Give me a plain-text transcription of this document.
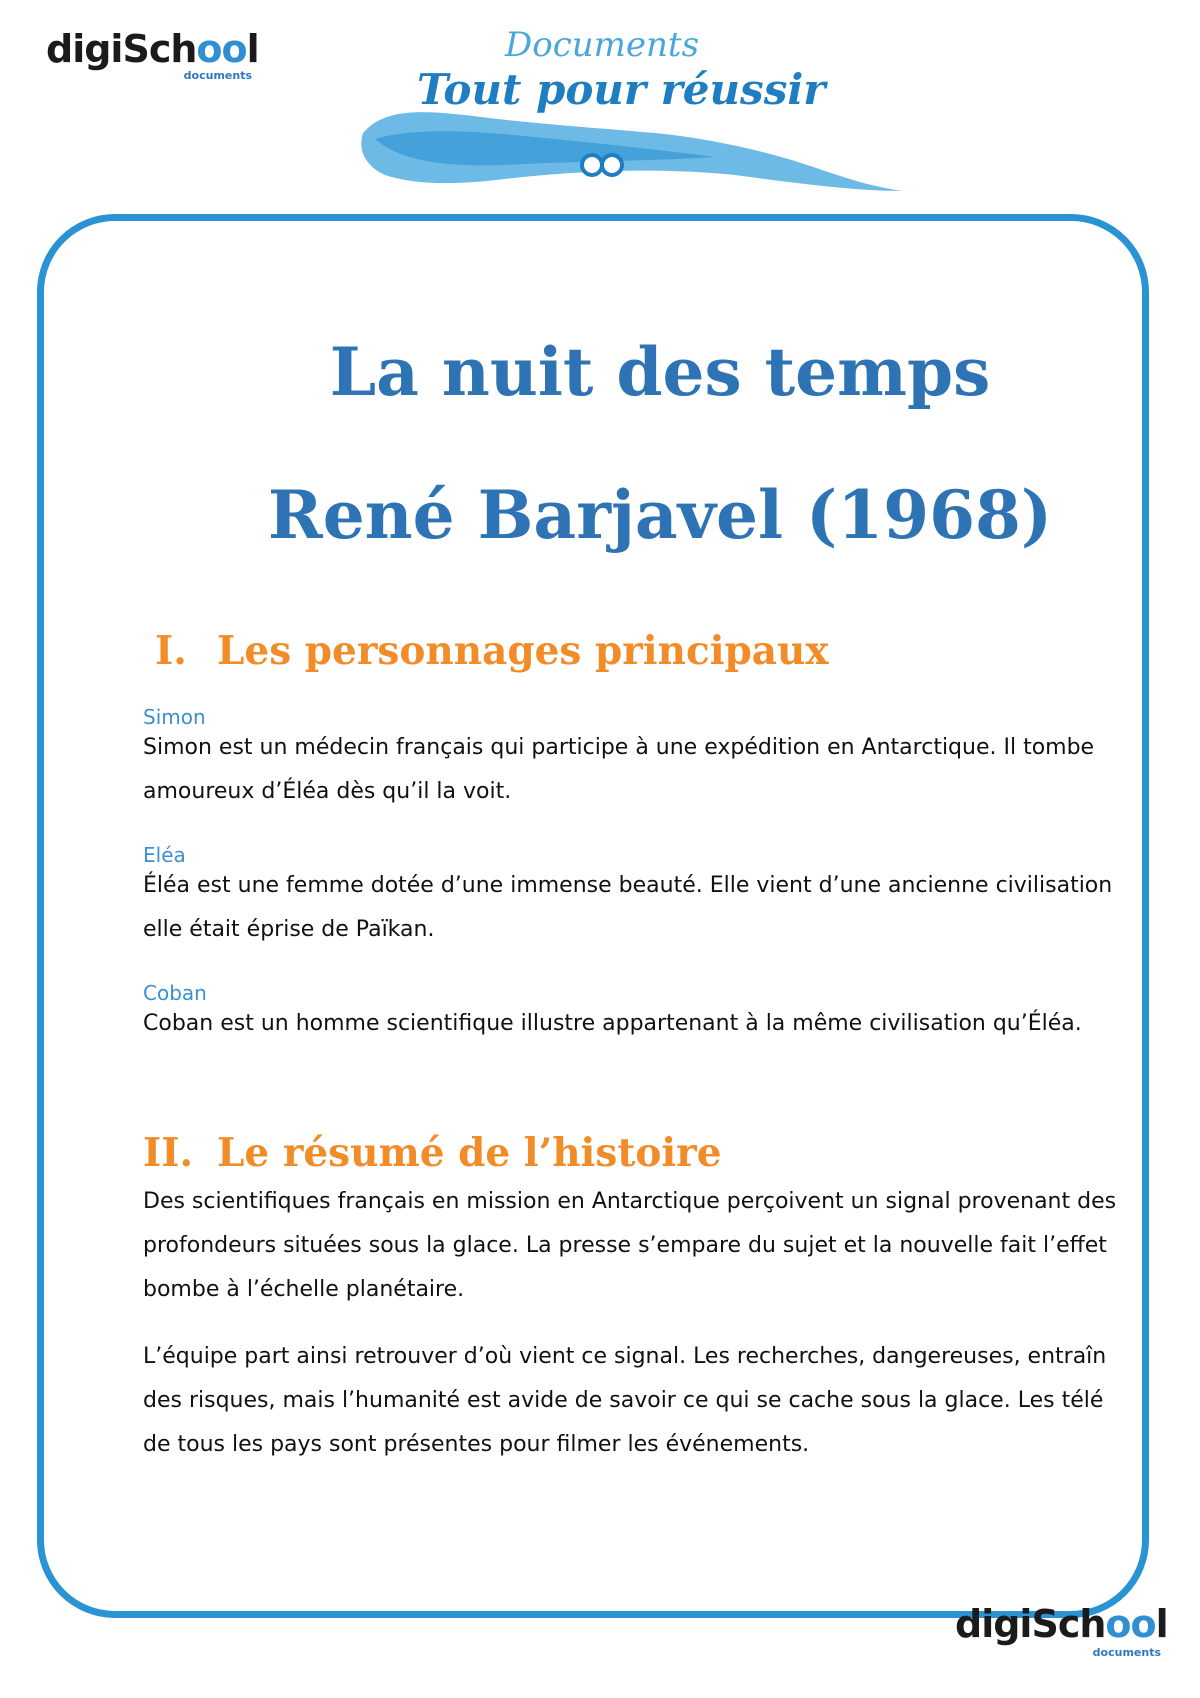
digiSchool
documents
Documents
Tout pour réussir
La nuit des temps
René Barjavel (1968)
I. Les personnages principaux
Simon
Simon est un médecin français qui participe à une expédition en Antarctique. Il tombe
amoureux d’Éléa dès qu’il la voit.
Eléa
Éléa est une femme dotée d’une immense beauté. Elle vient d’une ancienne civilisation
elle était éprise de Païkan.
Coban
Coban est un homme scientifique illustre appartenant à la même civilisation qu’Éléa.
II. Le résumé de l’histoire
Des scientifiques français en mission en Antarctique perçoivent un signal provenant des
profondeurs situées sous la glace. La presse s’empare du sujet et la nouvelle fait l’effet
bombe à l’échelle planétaire.
L’équipe part ainsi retrouver d’où vient ce signal. Les recherches, dangereuses, entraîn
des risques, mais l’humanité est avide de savoir ce qui se cache sous la glace. Les télé
de tous les pays sont présentes pour filmer les événements.
digiSchool
documents
